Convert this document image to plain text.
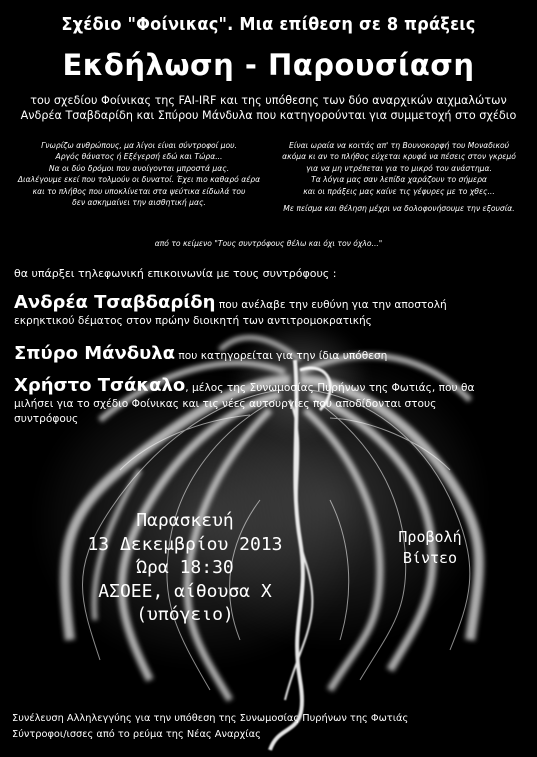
Σχέδιο "Φοίνικας". Μια επίθεση σε 8 πράξεις
Εκδήλωση - Παρουσίαση
του σχεδίου Φοίνικας της FAI-IRF και της υπόθεσης των δύο αναρχικών αιχμαλώτων
Ανδρέα Τσαβδαρίδη και Σπύρου Μάνδυλα που κατηγορούνται για συμμετοχή στο σχέδιο
Γνωρίζω ανθρώπους, μα λίγοι είναι σύντροφοί μου.
Αργός θάνατος ή Εξέγερσή εδώ και Τώρα...
Να οι δύο δρόμοι που ανοίγονται μπροστά μας.
Διαλέγουμε εκεί που τολμούν οι δυνατοί. Έχει πιο καθαρό αέρα
και το πλήθος που υποκλίνεται στα ψεύτικα είδωλά του
δεν ασκημαίνει την αισθητική μας.
Είναι ωραία να κοιτάς απ' τη Βουνοκορφή του Μοναδικού
ακόμα κι αν το πλήθος εύχεται κρυφά να πέσεις στον γκρεμό
για να μη ντρέπεται για το μικρό του ανάστημα.
Τα λόγια μας σαν λεπίδα χαράζουν το σήμερα
και οι πράξεις μας καίνε τις γέφυρες με το χθες...
Με πείσμα και θέληση μέχρι να δολοφονήσουμε την εξουσία.
από το κείμενο "Τους συντρόφους θέλω και όχι τον όχλο..."
θα υπάρξει τηλεφωνική επικοινωνία με τους συντρόφους :
Ανδρέα Τσαβδαρίδη που ανέλαβε την ευθύνη για την αποστολή
εκρηκτικού δέματος στον πρώην διοικητή των αντιτρομοκρατικής
Σπύρο Μάνδυλα που κατηγορείται για την ίδια υπόθεση
Χρήστο Τσάκαλο, μέλος της Συνωμοσίας Πυρήνων της Φωτιάς, που θα
μιλήσει για το σχέδιο Φοίνικας και τις νέες αυτουργίες που αποδίδονται στους
συντρόφους
Παρασκευή
13 Δεκεμβρίου 2013
Ώρα 18:30
ΑΣΟΕΕ, αίθουσα Χ
(υπόγειο)
Προβολή
Βίντεο
Συνέλευση Αλληλεγγύης για την υπόθεση της Συνωμοσίας Πυρήνων της Φωτιάς
Σύντροφοι/ισσες από το ρεύμα της Νέας Αναρχίας
